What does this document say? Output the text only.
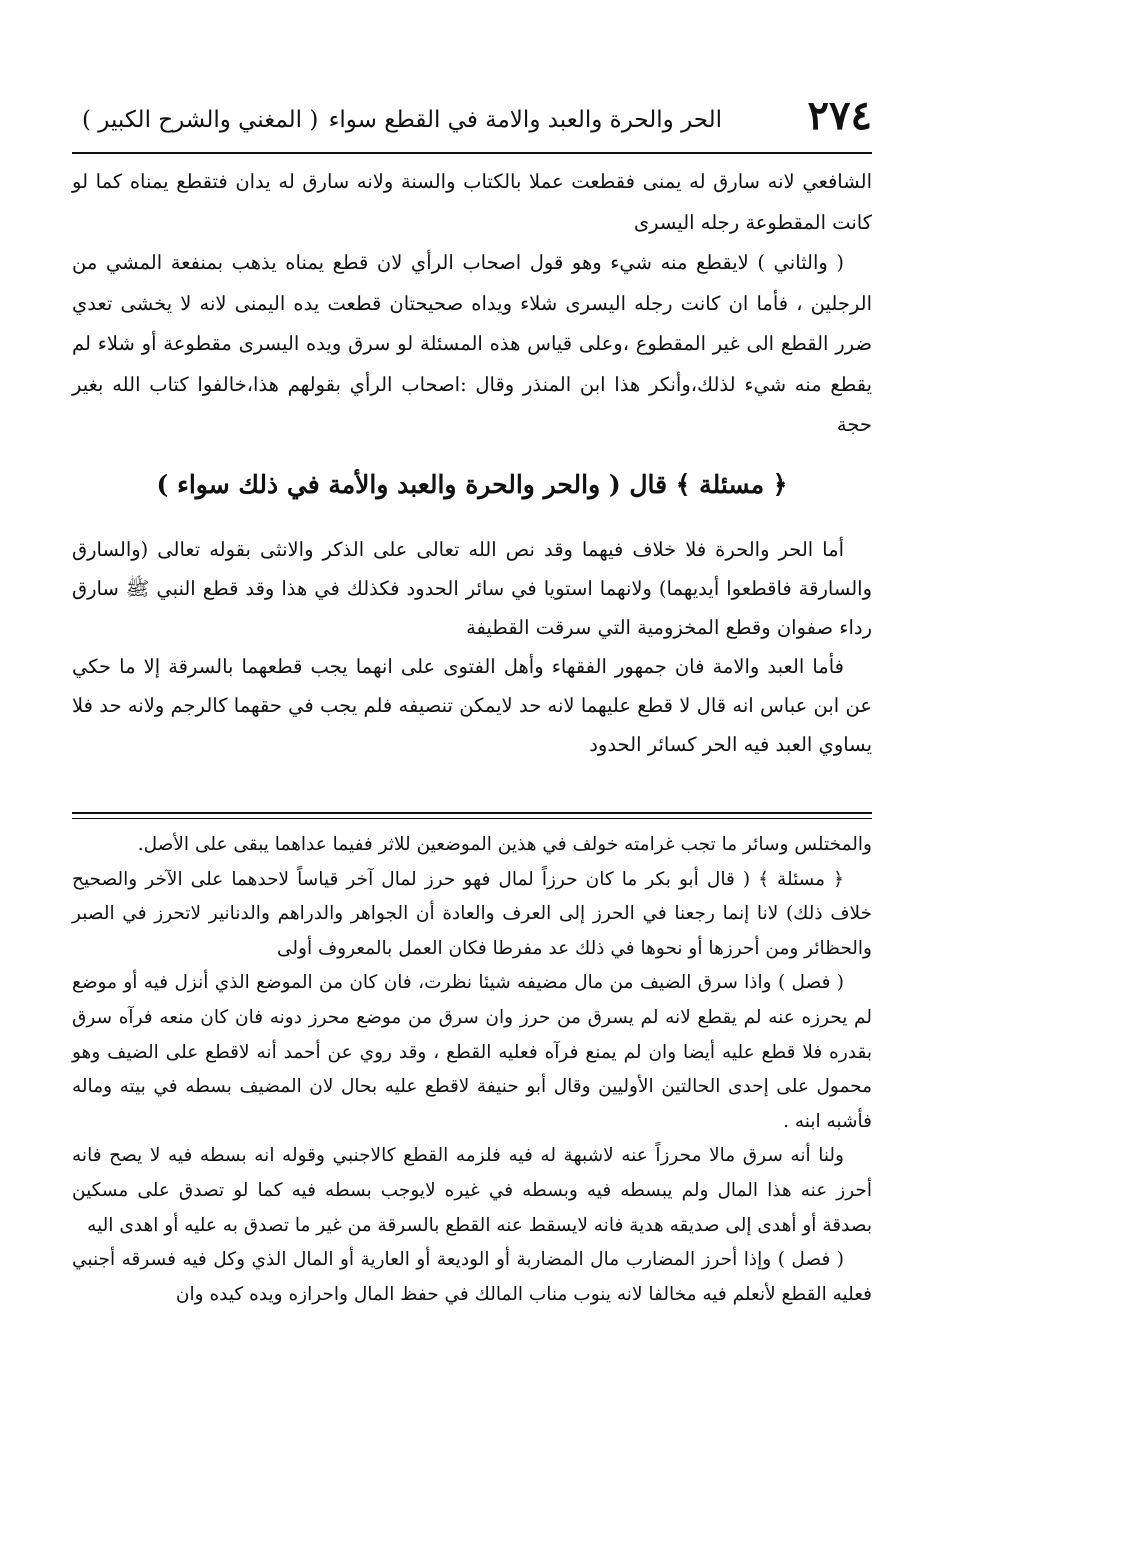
٢٧٤
الحر والحرة والعبد والامة في القطع سواء
( المغني والشرح الكبير )

الشافعي لانه سارق له يمنى فقطعت عملا بالكتاب والسنة ولانه سارق له يدان فتقطع يمناه كما لو كانت المقطوعة رجله اليسرى

( والثاني ) لايقطع منه شيء وهو قول اصحاب الرأي لان قطع يمناه يذهب بمنفعة المشي من الرجلين ، فأما ان كانت رجله اليسرى شلاء ويداه صحيحتان قطعت يده اليمنى لانه لا يخشى تعدي ضرر القطع الى غير المقطوع ،وعلى قياس هذه المسئلة لو سرق ويده اليسرى مقطوعة أو شلاء لم يقطع منه شيء لذلك،وأنكر هذا ابن المنذر وقال :اصحاب الرأي بقولهم هذا،خالفوا كتاب الله بغير حجة

﴿ مسئلة ﴾ قال ( والحر والحرة والعبد والأمة في ذلك سواء )

أما الحر والحرة فلا خلاف فيهما وقد نص الله تعالى على الذكر والانثى بقوله تعالى (والسارق والسارقة فاقطعوا أيديهما) ولانهما استويا في سائر الحدود فكذلك في هذا وقد قطع النبي ﷺ سارق رداء صفوان وقطع المخزومية التي سرقت القطيفة

فأما العبد والامة فان جمهور الفقهاء وأهل الفتوى على انهما يجب قطعهما بالسرقة إلا ما حكي عن ابن عباس انه قال لا قطع عليهما لانه حد لايمكن تنصيفه فلم يجب في حقهما كالرجم ولانه حد فلا يساوي العبد فيه الحر كسائر الحدود

والمختلس وسائر ما تجب غرامته خولف في هذين الموضعين للاثر ففيما عداهما يبقى على الأصل.

﴿ مسئلة ﴾ ( قال أبو بكر ما كان حرزاً لمال فهو حرز لمال آخر قياساً لاحدهما على الآخر والصحيح خلاف ذلك) لانا إنما رجعنا في الحرز إلى العرف والعادة أن الجواهر والدراهم والدنانير لاتحرز في الصبر والحظائر ومن أحرزها أو نحوها في ذلك عد مفرطا فكان العمل بالمعروف أولى

( فصل ) واذا سرق الضيف من مال مضيفه شيئا نظرت، فان كان من الموضع الذي أنزل فيه أو موضع لم يحرزه عنه لم يقطع لانه لم يسرق من حرز وان سرق من موضع محرز دونه فان كان منعه فرآه سرق بقدره فلا قطع عليه أيضا وان لم يمنع فرآه فعليه القطع ، وقد روي عن أحمد أنه لاقطع على الضيف وهو محمول على إحدى الحالتين الأوليين وقال أبو حنيفة لاقطع عليه بحال لان المضيف بسطه في بيته وماله فأشبه ابنه .

ولنا أنه سرق مالا محرزاً عنه لاشبهة له فيه فلزمه القطع كالاجنبي وقوله انه بسطه فيه لا يصح فانه أحرز عنه هذا المال ولم يبسطه فيه وبسطه في غيره لايوجب بسطه فيه كما لو تصدق على مسكين بصدقة أو أهدى إلى صديقه هدية فانه لايسقط عنه القطع بالسرقة من غير ما تصدق به عليه أو اهدى اليه

( فصل ) وإذا أحرز المضارب مال المضاربة أو الوديعة أو العارية أو المال الذي وكل فيه فسرقه أجنبي فعليه القطع لأنعلم فيه مخالفا لانه ينوب مناب المالك في حفظ المال واحرازه ويده كيده وان
